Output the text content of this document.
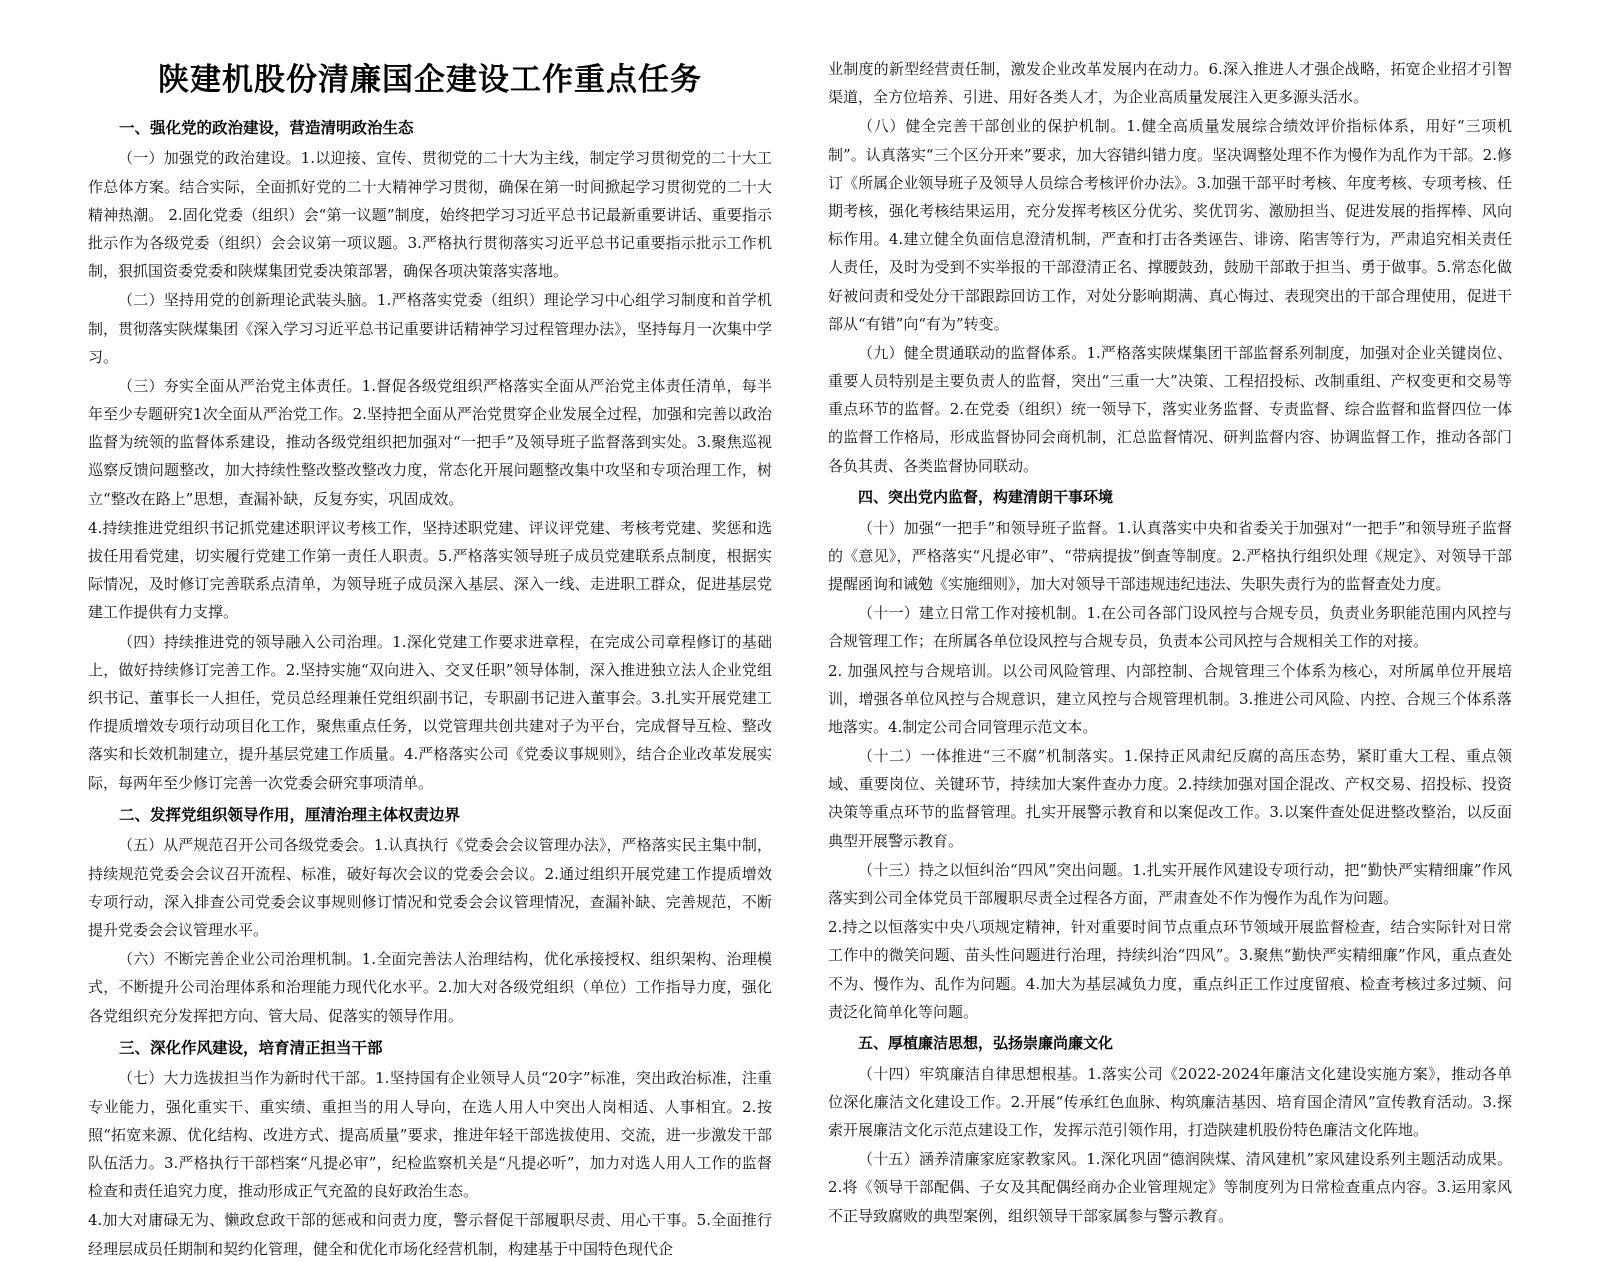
陕建机股份清廉国企建设工作重点任务
一、强化党的政治建设，营造清明政治生态

（一）加强党的政治建设。1.以迎接、宣传、贯彻党的二十大为主线，制定学习贯彻党的二十大工作总体方案。结合实际，全面抓好党的二十大精神学习贯彻，确保在第一时间掀起学习贯彻党的二十大精神热潮。 2.固化党委（组织）会“第一议题”制度，始终把学习习近平总书记最新重要讲话、重要指示批示作为各级党委（组织）会会议第一项议题。3.严格执行贯彻落实习近平总书记重要指示批示工作机制，狠抓国资委党委和陕煤集团党委决策部署，确保各项决策落实落地。

（二）坚持用党的创新理论武装头脑。1.严格落实党委（组织）理论学习中心组学习制度和首学机制，贯彻落实陕煤集团《深入学习习近平总书记重要讲话精神学习过程管理办法》，坚持每月一次集中学习。

（三）夯实全面从严治党主体责任。1.督促各级党组织严格落实全面从严治党主体责任清单，每半年至少专题研究1次全面从严治党工作。2.坚持把全面从严治党贯穿企业发展全过程，加强和完善以政治监督为统领的监督体系建设，推动各级党组织把加强对“一把手”及领导班子监督落到实处。3.聚焦巡视巡察反馈问题整改，加大持续性整改整改整改力度，常态化开展问题整改集中攻坚和专项治理工作，树立“整改在路上”思想，查漏补缺，反复夯实，巩固成效。

4.持续推进党组织书记抓党建述职评议考核工作，坚持述职党建、评议评党建、考核考党建、奖惩和选拔任用看党建，切实履行党建工作第一责任人职责。5.严格落实领导班子成员党建联系点制度，根据实际情况，及时修订完善联系点清单，为领导班子成员深入基层、深入一线、走进职工群众，促进基层党建工作提供有力支撑。

（四）持续推进党的领导融入公司治理。1.深化党建工作要求进章程，在完成公司章程修订的基础上，做好持续修订完善工作。2.坚持实施“双向进入、交叉任职”领导体制，深入推进独立法人企业党组织书记、董事长一人担任，党员总经理兼任党组织副书记，专职副书记进入董事会。3.扎实开展党建工作提质增效专项行动项目化工作，聚焦重点任务，以党管理共创共建对子为平台，完成督导互检、整改落实和长效机制建立，提升基层党建工作质量。4.严格落实公司《党委议事规则》，结合企业改革发展实际，每两年至少修订完善一次党委会研究事项清单。

二、发挥党组织领导作用，厘清治理主体权责边界

（五）从严规范召开公司各级党委会。1.认真执行《党委会会议管理办法》，严格落实民主集中制，持续规范党委会会议召开流程、标准，破好每次会议的党委会会议。2.通过组织开展党建工作提质增效专项行动，深入排查公司党委会议事规则修订情况和党委会会议管理情况，查漏补缺、完善规范，不断提升党委会会议管理水平。

（六）不断完善企业公司治理机制。1.全面完善法人治理结构，优化承接授权、组织架构、治理模式，不断提升公司治理体系和治理能力现代化水平。2.加大对各级党组织（单位）工作指导力度，强化各党组织充分发挥把方向、管大局、促落实的领导作用。

三、深化作风建设，培育清正担当干部

（七）大力选拔担当作为新时代干部。1.坚持国有企业领导人员“20字”标准，突出政治标准，注重专业能力，强化重实干、重实绩、重担当的用人导向，在选人用人中突出人岗相适、人事相宜。2.按照“拓宽来源、优化结构、改进方式、提高质量”要求，推进年轻干部选拔使用、交流，进一步激发干部队伍活力。3.严格执行干部档案“凡提必审”，纪检监察机关是“凡提必听”，加力对选人用人工作的监督检查和责任追究力度，推动形成正气充盈的良好政治生态。

4.加大对庸碌无为、懒政怠政干部的惩戒和问责力度，警示督促干部履职尽责、用心干事。5.全面推行经理层成员任期制和契约化管理，健全和优化市场化经营机制，构建基于中国特色现代企

业制度的新型经营责任制，激发企业改革发展内在动力。6.深入推进人才强企战略，拓宽企业招才引智渠道，全方位培养、引进、用好各类人才，为企业高质量发展注入更多源头活水。

（八）健全完善干部创业的保护机制。1.健全高质量发展综合绩效评价指标体系，用好“三项机制”。认真落实“三个区分开来”要求，加大容错纠错力度。坚决调整处理不作为慢作为乱作为干部。2.修订《所属企业领导班子及领导人员综合考核评价办法》。3.加强干部平时考核、年度考核、专项考核、任期考核，强化考核结果运用，充分发挥考核区分优劣、奖优罚劣、激励担当、促进发展的指挥棒、风向标作用。4.建立健全负面信息澄清机制，严查和打击各类诬告、诽谤、陷害等行为，严肃追究相关责任人责任，及时为受到不实举报的干部澄清正名、撑腰鼓劲，鼓励干部敢于担当、勇于做事。5.常态化做好被问责和受处分干部跟踪回访工作，对处分影响期满、真心悔过、表现突出的干部合理使用，促进干部从“有错”向“有为”转变。

（九）健全贯通联动的监督体系。1.严格落实陕煤集团干部监督系列制度，加强对企业关键岗位、重要人员特别是主要负责人的监督，突出“三重一大”决策、工程招投标、改制重组、产权变更和交易等重点环节的监督。2.在党委（组织）统一领导下，落实业务监督、专责监督、综合监督和监督四位一体的监督工作格局，形成监督协同会商机制，汇总监督情况、研判监督内容、协调监督工作，推动各部门各负其责、各类监督协同联动。

四、突出党内监督，构建清朗干事环境

（十）加强“一把手”和领导班子监督。1.认真落实中央和省委关于加强对“一把手”和领导班子监督的《意见》，严格落实“凡提必审”、“带病提拔”倒查等制度。2.严格执行组织处理《规定》、对领导干部提醒函询和诫勉《实施细则》，加大对领导干部违规违纪违法、失职失责行为的监督查处力度。

（十一）建立日常工作对接机制。1.在公司各部门设风控与合规专员，负责业务职能范围内风控与合规管理工作；在所属各单位设风控与合规专员，负责本公司风控与合规相关工作的对接。

2. 加强风控与合规培训。以公司风险管理、内部控制、合规管理三个体系为核心，对所属单位开展培训，增强各单位风控与合规意识，建立风控与合规管理机制。3.推进公司风险、内控、合规三个体系落地落实。4.制定公司合同管理示范文本。

（十二）一体推进“三不腐”机制落实。1.保持正风肃纪反腐的高压态势，紧盯重大工程、重点领域、重要岗位、关键环节，持续加大案件查办力度。2.持续加强对国企混改、产权交易、招投标、投资决策等重点环节的监督管理。扎实开展警示教育和以案促改工作。3.以案件查处促进整改整治，以反面典型开展警示教育。

（十三）持之以恒纠治“四风”突出问题。1.扎实开展作风建设专项行动，把“勤快严实精细廉”作风落实到公司全体党员干部履职尽责全过程各方面，严肃查处不作为慢作为乱作为问题。

2.持之以恒落实中央八项规定精神，针对重要时间节点重点环节领域开展监督检查，结合实际针对日常工作中的微笑问题、苗头性问题进行治理，持续纠治“四风”。3.聚焦“勤快严实精细廉”作风，重点查处不为、慢作为、乱作为问题。4.加大为基层减负力度，重点纠正工作过度留痕、检查考核过多过频、问责泛化简单化等问题。

五、厚植廉洁思想，弘扬崇廉尚廉文化

（十四）牢筑廉洁自律思想根基。1.落实公司《2022-2024年廉洁文化建设实施方案》，推动各单位深化廉洁文化建设工作。2.开展“传承红色血脉、构筑廉洁基因、培育国企清风”宣传教育活动。3.探索开展廉洁文化示范点建设工作，发挥示范引领作用，打造陕建机股份特色廉洁文化阵地。

（十五）涵养清廉家庭家教家风。1.深化巩固“德润陕煤、清风建机”家风建设系列主题活动成果。2.将《领导干部配偶、子女及其配偶经商办企业管理规定》等制度列为日常检查重点内容。3.运用家风不正导致腐败的典型案例，组织领导干部家属参与警示教育。
